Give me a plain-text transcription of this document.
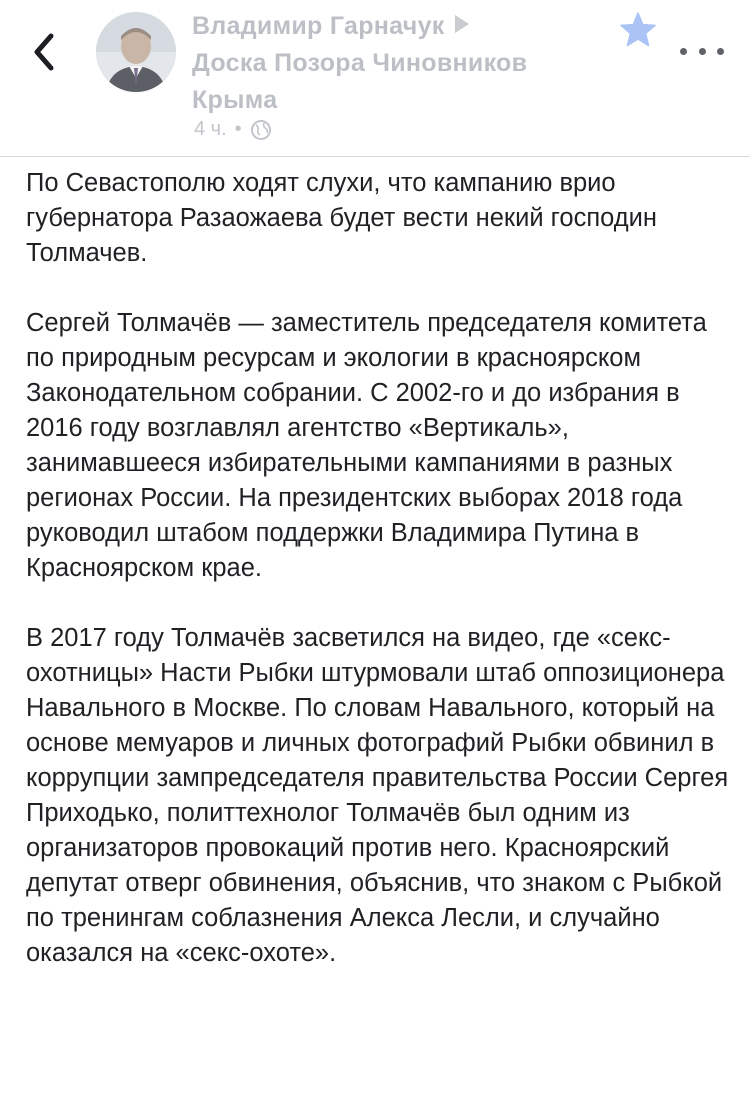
Владимир Гарначук
Доска Позора Чиновников
Крыма
4 ч. •

По Севастополю ходят слухи, что кампанию врио губернатора Разаожаева будет вести некий господин Толмачев.

Сергей Толмачёв — заместитель председателя комитета по природным ресурсам и экологии в красноярском Законодательном собрании. С 2002-го и до избрания в 2016 году возглавлял агентство «Вертикаль», занимавшееся избирательными кампаниями в разных регионах России. На президентских выборах 2018 года руководил штабом поддержки Владимира Путина в Красноярском крае.

В 2017 году Толмачёв засветился на видео, где «секс-охотницы» Насти Рыбки штурмовали штаб оппозиционера Навального в Москве. По словам Навального, который на основе мемуаров и личных фотографий Рыбки обвинил в коррупции зампредседателя правительства России Сергея Приходько, политтехнолог Толмачёв был одним из организаторов провокаций против него. Красноярский депутат отверг обвинения, объяснив, что знаком с Рыбкой по тренингам соблазнения Алекса Лесли, и случайно оказался на «секс-охоте».
